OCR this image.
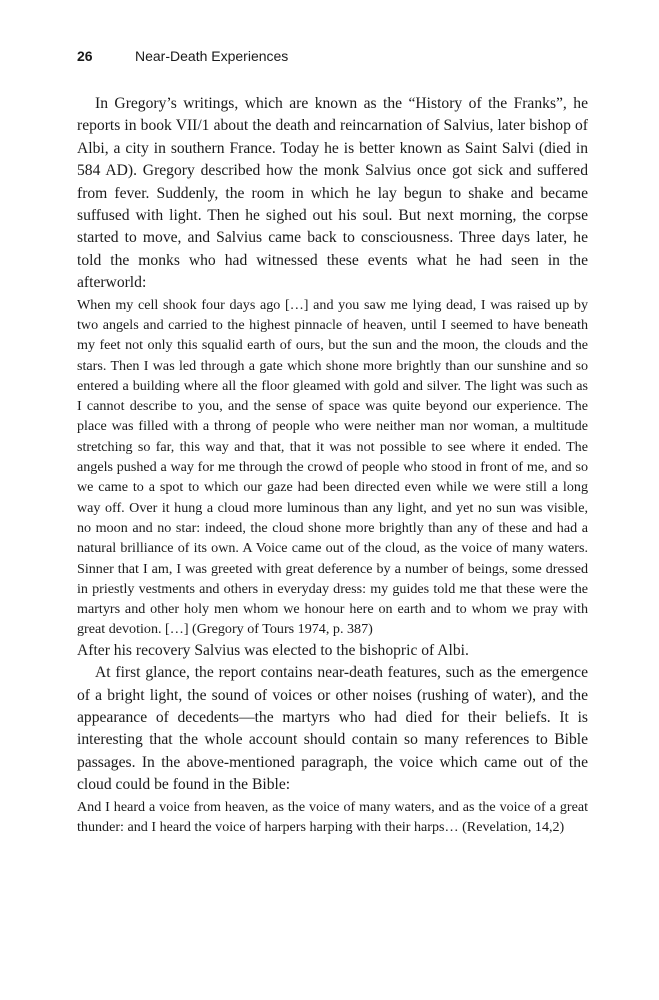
26	Near-Death Experiences

In Gregory’s writings, which are known as the “History of the Franks”, he reports in book VII/1 about the death and reincarnation of Salvius, later bishop of Albi, a city in southern France. Today he is better known as Saint Salvi (died in 584 AD). Gregory described how the monk Salvius once got sick and suffered from fever. Suddenly, the room in which he lay begun to shake and became suffused with light. Then he sighed out his soul. But next morning, the corpse started to move, and Salvius came back to consciousness. Three days later, he told the monks who had witnessed these events what he had seen in the afterworld:

When my cell shook four days ago […] and you saw me lying dead, I was raised up by two angels and carried to the highest pinnacle of heaven, until I seemed to have beneath my feet not only this squalid earth of ours, but the sun and the moon, the clouds and the stars. Then I was led through a gate which shone more brightly than our sunshine and so entered a building where all the floor gleamed with gold and silver. The light was such as I cannot describe to you, and the sense of space was quite beyond our experience. The place was filled with a throng of people who were neither man nor woman, a multitude stretching so far, this way and that, that it was not possible to see where it ended. The angels pushed a way for me through the crowd of people who stood in front of me, and so we came to a spot to which our gaze had been directed even while we were still a long way off. Over it hung a cloud more luminous than any light, and yet no sun was visible, no moon and no star: indeed, the cloud shone more brightly than any of these and had a natural brilliance of its own. A Voice came out of the cloud, as the voice of many waters. Sinner that I am, I was greeted with great deference by a number of beings, some dressed in priestly vestments and others in everyday dress: my guides told me that these were the martyrs and other holy men whom we honour here on earth and to whom we pray with great devotion. […] (Gregory of Tours 1974, p. 387)

After his recovery Salvius was elected to the bishopric of Albi.

At first glance, the report contains near-death features, such as the emergence of a bright light, the sound of voices or other noises (rushing of water), and the appearance of decedents—the martyrs who had died for their beliefs. It is interesting that the whole account should contain so many references to Bible passages. In the above-mentioned paragraph, the voice which came out of the cloud could be found in the Bible:

And I heard a voice from heaven, as the voice of many waters, and as the voice of a great thunder: and I heard the voice of harpers harping with their harps… (Revelation, 14,2)
